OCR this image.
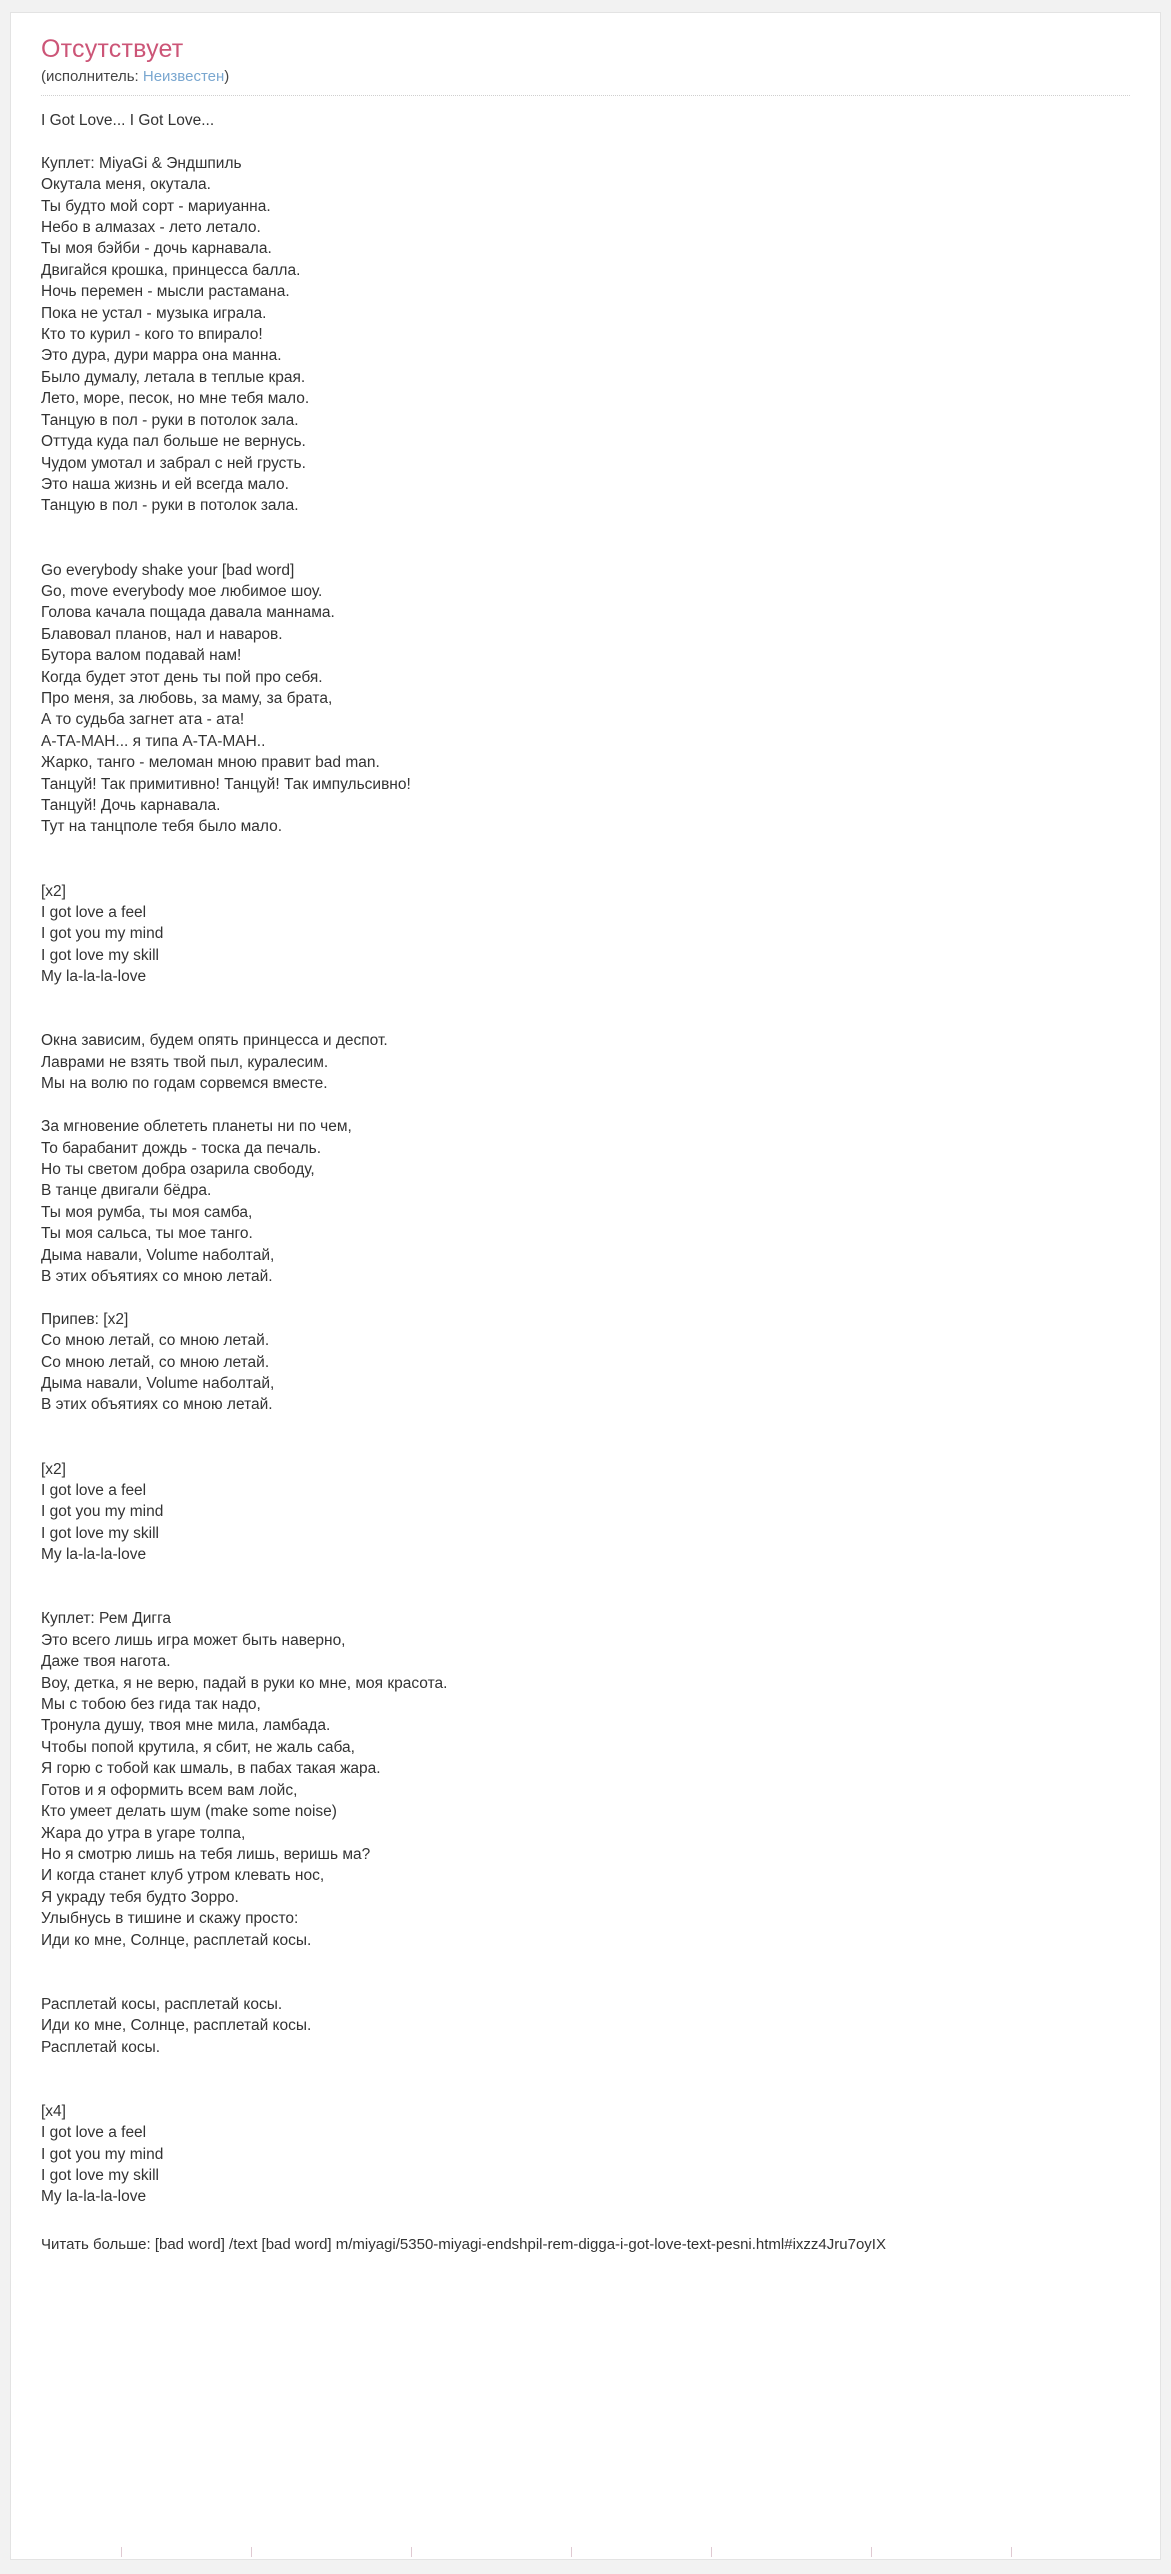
Отсутствует
(исполнитель: Неизвестен)
I Got Love... I Got Love...

Куплет: MiyaGi & Эндшпиль
Окутала меня, окутала.
Ты будто мой сорт - мариуанна.
Небо в алмазах - лето летало.
Ты моя бэйби - дочь карнавала.
Двигайся крошка, принцесса балла.
Ночь перемен - мысли растамана.
Пока не устал - музыка играла.
Кто то курил - кого то впирало!
Это дура, дури марра она манна.
Было думалу, летала в теплые края.
Лето, море, песок, но мне тебя мало.
Танцую в пол - руки в потолок зала.
Оттуда куда пал больше не вернусь.
Чудом умотал и забрал с ней грусть.
Это наша жизнь и ей всегда мало.
Танцую в пол - руки в потолок зала.

Go everybody shake your [bad word]
Go, move everybody мое любимое шоу.
Голова качала пощада давала маннама.
Блавовал планов, нал и наваров.
Бутора валом подавай нам!
Когда будет этот день ты пой про себя.
Про меня, за любовь, за маму, за брата,
А то судьба загнет ата - ата!
А-ТА-МАН... я типа А-ТА-МАН..
Жарко, танго - меломан мною правит bad man.
Танцуй! Так примитивно! Танцуй! Так импульсивно!
Танцуй! Дочь карнавала.
Тут на танцполе тебя было мало.

[x2]
I got love a feel
I got you my mind
I got love my skill
My la-la-la-love

Окна зависим, будем опять принцесса и деспот.
Лаврами не взять твой пыл, куралесим.
Мы на волю по годам сорвемся вместе.

За мгновение облететь планеты ни по чем,
То барабанит дождь - тоска да печаль.
Но ты светом добра озарила свободу,
В танце двигали бёдра.
Ты моя румба, ты моя самба,
Ты моя сальса, ты мое танго.
Дыма навали, Volume наболтай,
В этих объятиях со мною летай.

Припев: [x2]
Со мною летай, со мною летай.
Со мною летай, со мною летай.
Дыма навали, Volume наболтай,
В этих объятиях со мною летай.

[x2]
I got love a feel
I got you my mind
I got love my skill
My la-la-la-love

Куплет: Рем Дигга
Это всего лишь игра может быть наверно,
Даже твоя нагота.
Воу, детка, я не верю, падай в руки ко мне, моя красота.
Мы с тобою без гида так надо,
Тронула душу, твоя мне мила, ламбада.
Чтобы попой крутила, я сбит, не жаль саба,
Я горю с тобой как шмаль, в пабах такая жара.
Готов и я оформить всем вам лойс,
Кто умеет делать шум (make some noise)
Жара до утра в угаре толпа,
Но я смотрю лишь на тебя лишь, веришь ма?
И когда станет клуб утром клевать нос,
Я украду тебя будто Зорро.
Улыбнусь в тишине и скажу просто:
Иди ко мне, Солнце, расплетай косы.

Расплетай косы, расплетай косы.
Иди ко мне, Солнце, расплетай косы.
Расплетай косы.

[x4]
I got love a feel
I got you my mind
I got love my skill
My la-la-la-love
Читать больше: [bad word] /text [bad word] m/miyagi/5350-miyagi-endshpil-rem-digga-i-got-love-text-pesni.html#ixzz4Jru7oyIX
